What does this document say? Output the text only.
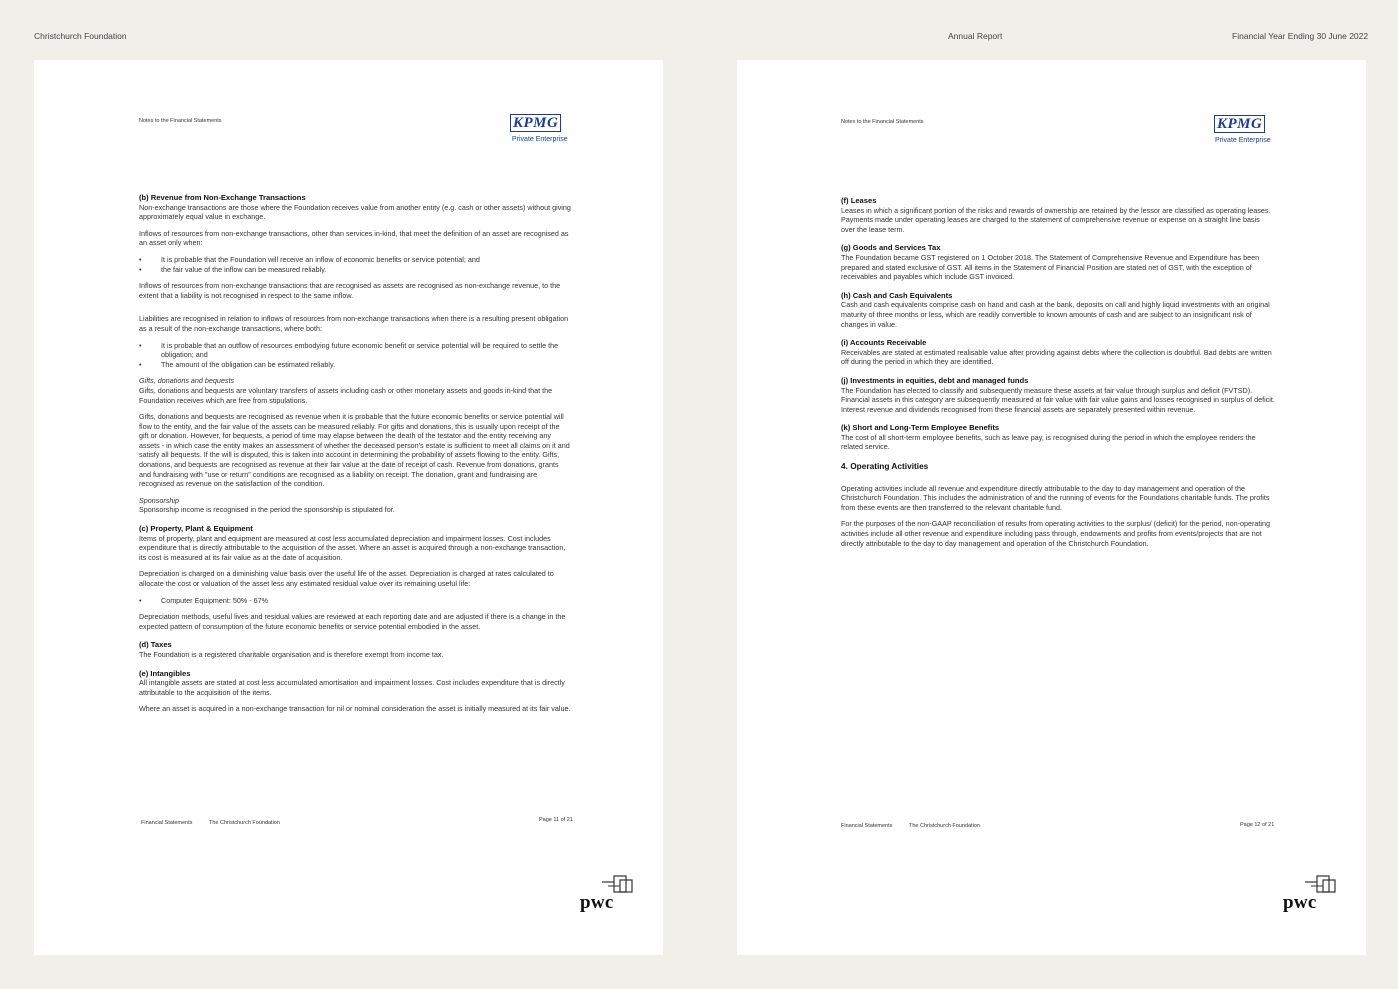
Christchurch Foundation	Annual Report	Financial Year Ending 30 June 2022
Notes to the Financial Statements	KPMG
Private Enterprise
(b) Revenue from Non-Exchange Transactions

Non-exchange transactions are those where the Foundation receives value from another entity (e.g. cash or other assets) without giving approximately equal value in exchange.

Inflows of resources from non-exchange transactions, other than services in-kind, that meet the definition of an asset are recognised as an asset only when:

• It is probable that the Foundation will receive an inflow of economic benefits or service potential; and
• the fair value of the inflow can be measured reliably.

Inflows of resources from non-exchange transactions that are recognised as assets are recognised as non-exchange revenue, to the extent that a liability is not recognised in respect to the same inflow.

Liabilities are recognised in relation to inflows of resources from non-exchange transactions when there is a resulting present obligation as a result of the non-exchange transactions, where both:

• It is probable that an outflow of resources embodying future economic benefit or service potential will be required to settle the obligation; and
• The amount of the obligation can be estimated reliably.

Gifts, donations and bequests

Gifts, donations and bequests are voluntary transfers of assets including cash or other monetary assets and goods in-kind that the Foundation receives which are free from stipulations.

Gifts, donations and bequests are recognised as revenue when it is probable that the future economic benefits or service potential will flow to the entity, and the fair value of the assets can be measured reliably. For gifts and donations, this is usually upon receipt of the gift or donation. However, for bequests, a period of time may elapse between the death of the testator and the entity receiving any assets - in which case the entity makes an assessment of whether the deceased person's estate is sufficient to meet all claims on it and satisfy all bequests. If the will is disputed, this is taken into account in determining the probability of assets flowing to the entity. Gifts, donations, and bequests are recognised as revenue at their fair value at the date of receipt of cash. Revenue from donations, grants and fundraising with "use or return" conditions are recognised as a liability on receipt. The donation, grant and fundraising are recognised as revenue on the satisfaction of the condition.

Sponsorship

Sponsorship income is recognised in the period the sponsorship is stipulated for.

(c) Property, Plant & Equipment

Items of property, plant and equipment are measured at cost less accumulated depreciation and impairment losses. Cost includes expenditure that is directly attributable to the acquisition of the asset. Where an asset is acquired through a non-exchange transaction, its cost is measured at its fair value as at the date of acquisition.

Depreciation is charged on a diminishing value basis over the useful life of the asset. Depreciation is charged at rates calculated to allocate the cost or valuation of the asset less any estimated residual value over its remaining useful life:

• Computer Equipment: 50% - 67%

Depreciation methods, useful lives and residual values are reviewed at each reporting date and are adjusted if there is a change in the expected pattern of consumption of the future economic benefits or service potential embodied in the asset.

(d) Taxes

The Foundation is a registered charitable organisation and is therefore exempt from income tax.

(e) Intangibles

All intangible assets are stated at cost less accumulated amortisation and impairment losses. Cost includes expenditure that is directly attributable to the acquisition of the items.

Where an asset is acquired in a non-exchange transaction for nil or nominal consideration the asset is initially measured at its fair value.

Financial Statements	The Christchurch Foundation	Page 11 of 21
pwc
Notes to the Financial Statements	KPMG
Private Enterprise
(f) Leases

Leases in which a significant portion of the risks and rewards of ownership are retained by the lessor are classified as operating leases. Payments made under operating leases are charged to the statement of comprehensive revenue or expense on a straight line basis over the lease term.

(g) Goods and Services Tax

The Foundation became GST registered on 1 October 2018. The Statement of Comprehensive Revenue and Expenditure has been prepared and stated exclusive of GST. All items in the Statement of Financial Position are stated net of GST, with the exception of receivables and payables which include GST invoiced.

(h) Cash and Cash Equivalents

Cash and cash equivalents comprise cash on hand and cash at the bank, deposits on call and highly liquid investments with an original maturity of three months or less, which are readily convertible to known amounts of cash and are subject to an insignificant risk of changes in value.

(i) Accounts Receivable

Receivables are stated at estimated realisable value after providing against debts where the collection is doubtful. Bad debts are written off during the period in which they are identified.

(j) Investments in equities, debt and managed funds

The Foundation has elected to classify and subsequently measure these assets at fair value through surplus and deficit (FVTSD). Financial assets in this category are subsequently measured at fair value with fair value gains and losses recognised in surplus of deficit. Interest revenue and dividends recognised from these financial assets are separately presented within revenue.

(k) Short and Long-Term Employee Benefits

The cost of all short-term employee benefits, such as leave pay, is recognised during the period in which the employee renders the related service.

4. Operating Activities

Operating activities include all revenue and expenditure directly attributable to the day to day management and operation of the Christchurch Foundation. This includes the administration of and the running of events for the Foundations charitable funds. The profits from these events are then transferred to the relevant charitable fund.

For the purposes of the non-GAAP reconciliation of results from operating activities to the surplus/ (deficit) for the period, non-operating activities include all other revenue and expenditure including pass through, endowments and profits from events/projects that are not directly attributable to the day to day management and operation of the Christchurch Foundation.

Financial Statements	The Christchurch Foundation	Page 12 of 21
pwc
